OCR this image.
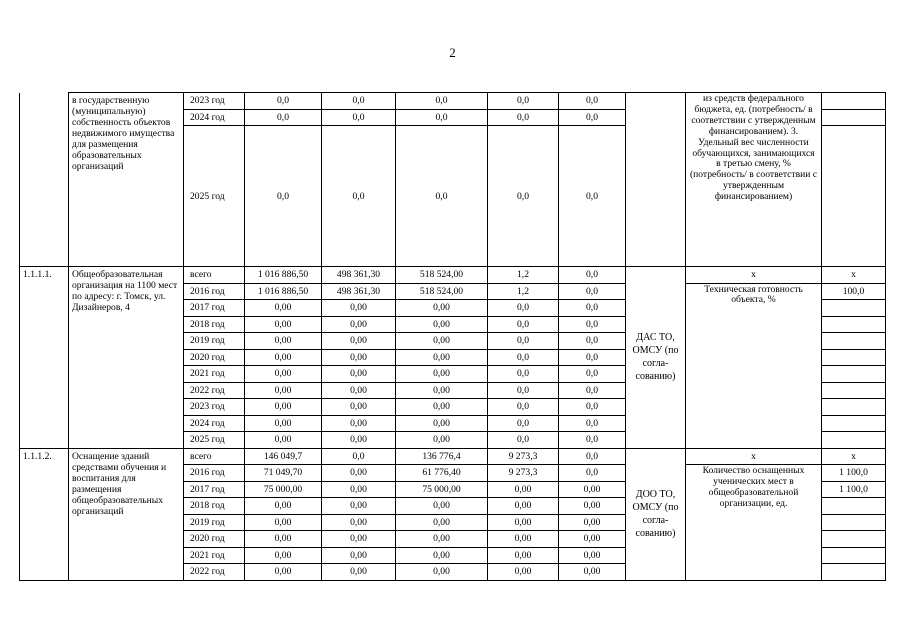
2
	в государственную (муниципальную) собственность объектов недвижимого имущества для размещения образовательных организаций	2023 год	0,0	0,0	0,0	0,0	0,0		из средств федерального бюджета, ед. (потребность/ в соответствии с утвержденным финансированием). 3. Удельный вес численности обучающихся, занимающихся в третью смену, % (потребность/ в соответствии с утвержденным финансированием)	
		2024 год	0,0	0,0	0,0	0,0	0,0			
		2025 год	0,0	0,0	0,0	0,0	0,0			
1.1.1.1.	Общеобразовательная организация на 1100 мест по адресу: г. Томск, ул. Дизайнеров, 4	всего	1 016 886,50	498 361,30	518 524,00	1,2	0,0	ДАС ТО, ОМСУ (по согла- сованию)	x	x
		2016 год	1 016 886,50	498 361,30	518 524,00	1,2	0,0		Техническая готовность объекта, %	100,0
		2017 год	0,00	0,00	0,00	0,0	0,0			
		2018 год	0,00	0,00	0,00	0,0	0,0			
		2019 год	0,00	0,00	0,00	0,0	0,0			
		2020 год	0,00	0,00	0,00	0,0	0,0			
		2021 год	0,00	0,00	0,00	0,0	0,0			
		2022 год	0,00	0,00	0,00	0,0	0,0			
		2023 год	0,00	0,00	0,00	0,0	0,0			
		2024 год	0,00	0,00	0,00	0,0	0,0			
		2025 год	0,00	0,00	0,00	0,0	0,0			
1.1.1.2.	Оснащение зданий средствами обучения и воспитания для размещения общеобразовательных организаций	всего	146 049,7	0,0	136 776,4	9 273,3	0,0	ДОО ТО, ОМСУ (по согла- сованию)	x	x
		2016 год	71 049,70	0,00	61 776,40	9 273,3	0,0		Количество оснащенных ученических мест в общеобразовательной организации, ед.	1 100,0
		2017 год	75 000,00	0,00	75 000,00	0,00	0,00			1 100,0
		2018 год	0,00	0,00	0,00	0,00	0,00			
		2019 год	0,00	0,00	0,00	0,00	0,00			
		2020 год	0,00	0,00	0,00	0,00	0,00			
		2021 год	0,00	0,00	0,00	0,00	0,00			
		2022 год	0,00	0,00	0,00	0,00	0,00			
